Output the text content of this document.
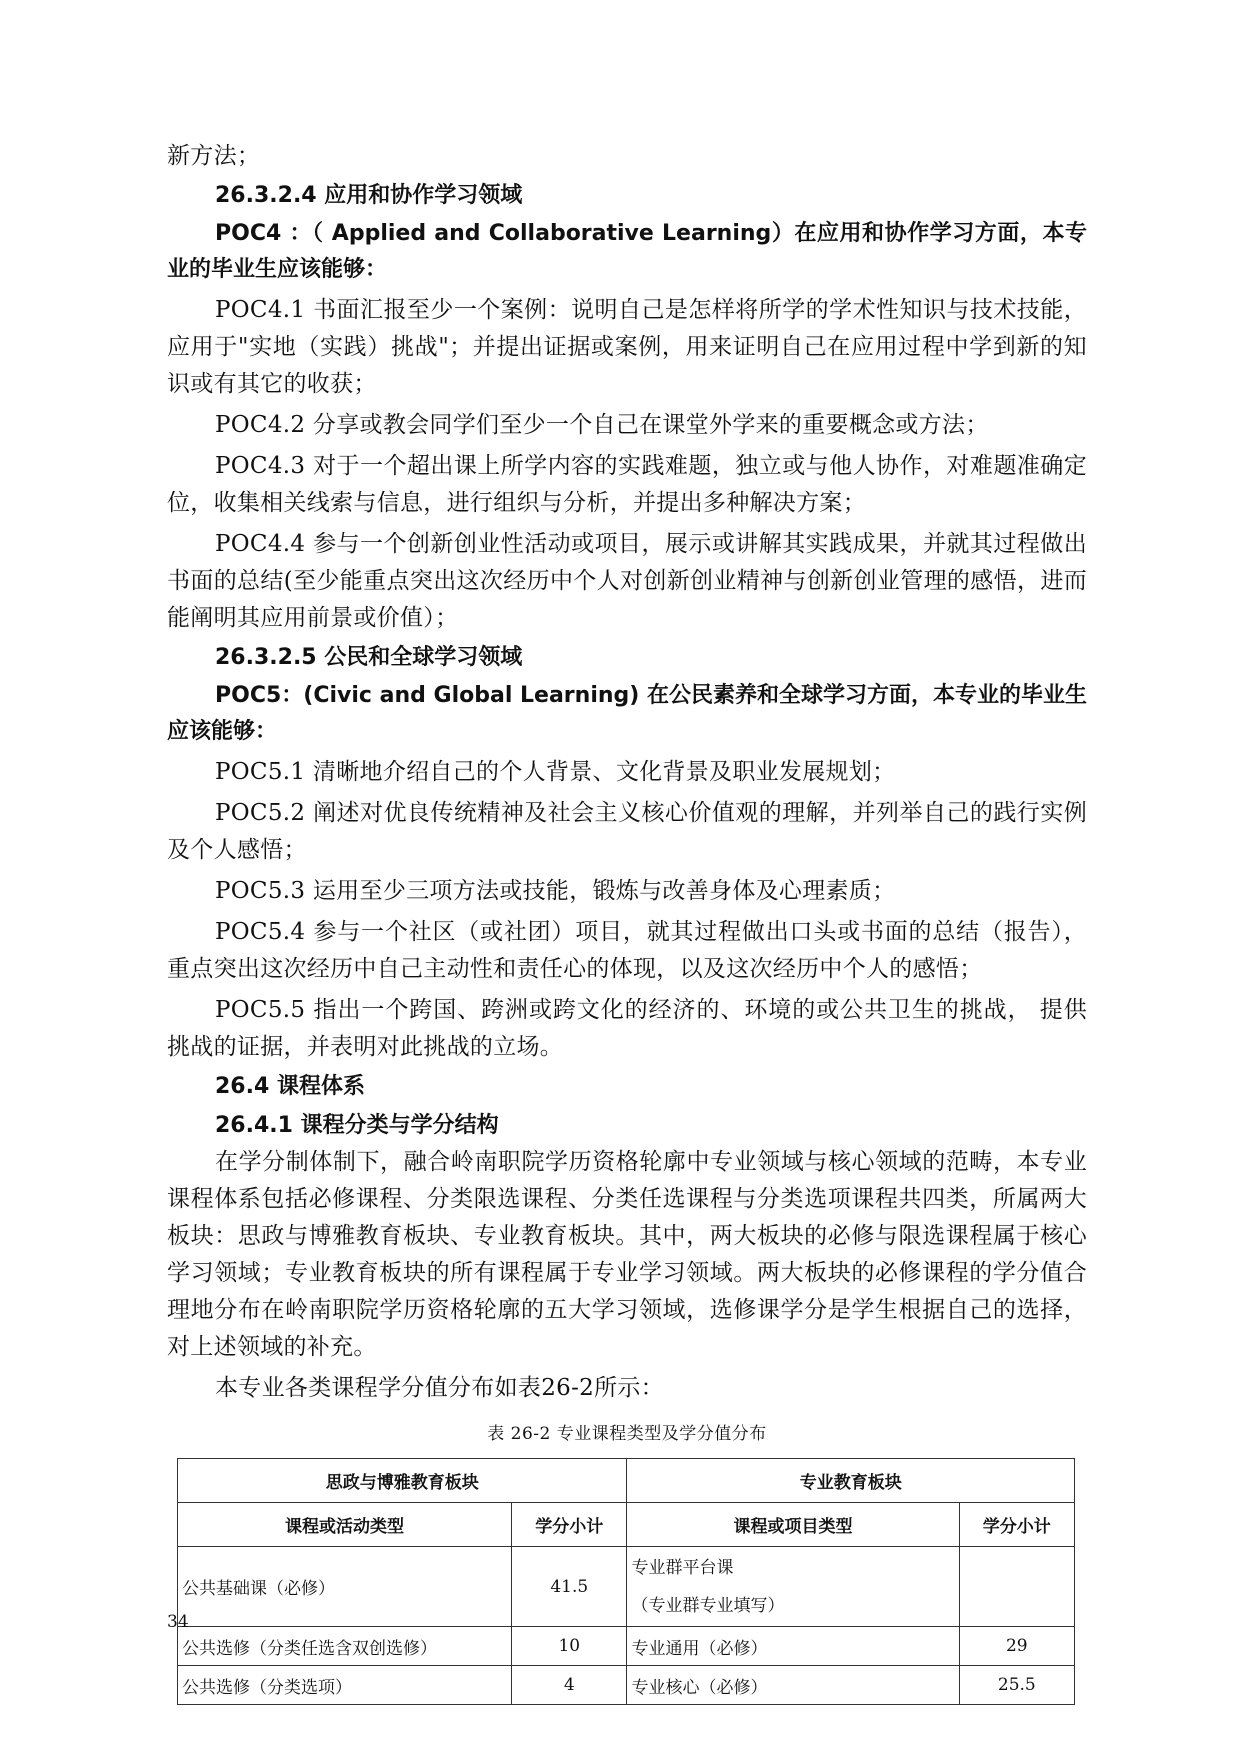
新方法；

26.3.2.4 应用和协作学习领域

POC4 ：（ Applied and Collaborative Learning）在应用和协作学习方面，本专业的毕业生应该能够：

POC4.1 书面汇报至少一个案例：说明自己是怎样将所学的学术性知识与技术技能，应用于"实地（实践）挑战"；并提出证据或案例，用来证明自己在应用过程中学到新的知识或有其它的收获；

POC4.2 分享或教会同学们至少一个自己在课堂外学来的重要概念或方法；

POC4.3 对于一个超出课上所学内容的实践难题，独立或与他人协作，对难题准确定位，收集相关线索与信息，进行组织与分析，并提出多种解决方案；

POC4.4 参与一个创新创业性活动或项目，展示或讲解其实践成果，并就其过程做出书面的总结(至少能重点突出这次经历中个人对创新创业精神与创新创业管理的感悟，进而能阐明其应用前景或价值）；

26.3.2.5 公民和全球学习领域

POC5：(Civic and Global Learning) 在公民素养和全球学习方面，本专业的毕业生应该能够：

POC5.1 清晰地介绍自己的个人背景、文化背景及职业发展规划；

POC5.2 阐述对优良传统精神及社会主义核心价值观的理解，并列举自己的践行实例及个人感悟；

POC5.3 运用至少三项方法或技能，锻炼与改善身体及心理素质；

POC5.4 参与一个社区（或社团）项目，就其过程做出口头或书面的总结（报告），重点突出这次经历中自己主动性和责任心的体现，以及这次经历中个人的感悟；

POC5.5 指出一个跨国、跨洲或跨文化的经济的、环境的或公共卫生的挑战， 提供挑战的证据，并表明对此挑战的立场。

26.4 课程体系

26.4.1 课程分类与学分结构

在学分制体制下，融合岭南职院学历资格轮廓中专业领域与核心领域的范畴，本专业课程体系包括必修课程、分类限选课程、分类任选课程与分类选项课程共四类，所属两大板块：思政与博雅教育板块、专业教育板块。其中，两大板块的必修与限选课程属于核心学习领域；专业教育板块的所有课程属于专业学习领域。两大板块的必修课程的学分值合理地分布在岭南职院学历资格轮廓的五大学习领域，选修课学分是学生根据自己的选择，对上述领域的补充。

本专业各类课程学分值分布如表26-2所示：

表 26-2 专业课程类型及学分值分布

思政与博雅教育板块		专业教育板块	
课程或活动类型	学分小计	课程或项目类型	学分小计
公共基础课（必修）	41.5	专业群平台课
（专业群专业填写）	

公共选修（分类任选含双创选修）	10	专业通用（必修）	29
公共选修（分类选项）	4	专业核心（必修）	25.5
34
